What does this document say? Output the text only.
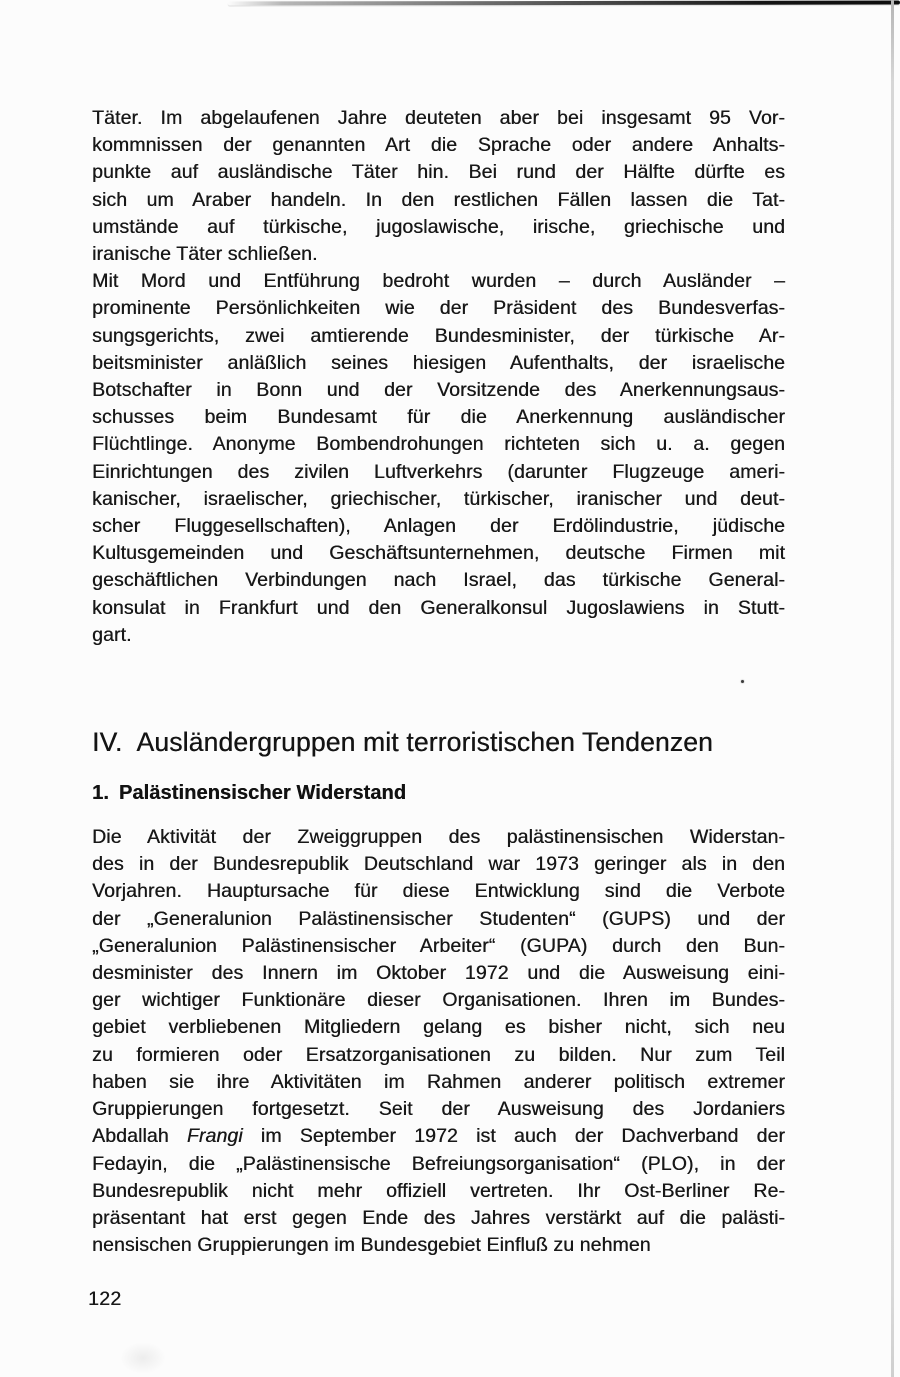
Täter. Im abgelaufenen Jahre deuteten aber bei insgesamt 95 Vor-
kommnissen der genannten Art die Sprache oder andere Anhalts-
punkte auf ausländische Täter hin. Bei rund der Hälfte dürfte es
sich um Araber handeln. In den restlichen Fällen lassen die Tat-
umstände auf türkische, jugoslawische, irische, griechische und
iranische Täter schließen.
Mit Mord und Entführung bedroht wurden – durch Ausländer –
prominente Persönlichkeiten wie der Präsident des Bundesverfas-
sungsgerichts, zwei amtierende Bundesminister, der türkische Ar-
beitsminister anläßlich seines hiesigen Aufenthalts, der israelische
Botschafter in Bonn und der Vorsitzende des Anerkennungsaus-
schusses beim Bundesamt für die Anerkennung ausländischer
Flüchtlinge. Anonyme Bombendrohungen richteten sich u. a. gegen
Einrichtungen des zivilen Luftverkehrs (darunter Flugzeuge ameri-
kanischer, israelischer, griechischer, türkischer, iranischer und deut-
scher Fluggesellschaften), Anlagen der Erdölindustrie, jüdische
Kultusgemeinden und Geschäftsunternehmen, deutsche Firmen mit
geschäftlichen Verbindungen nach Israel, das türkische General-
konsulat in Frankfurt und den Generalkonsul Jugoslawiens in Stutt-
gart.
IV. Ausländergruppen mit terroristischen Tendenzen
1. Palästinensischer Widerstand
Die Aktivität der Zweiggruppen des palästinensischen Widerstan-
des in der Bundesrepublik Deutschland war 1973 geringer als in den
Vorjahren. Hauptursache für diese Entwicklung sind die Verbote
der „Generalunion Palästinensischer Studenten“ (GUPS) und der
„Generalunion Palästinensischer Arbeiter“ (GUPA) durch den Bun-
desminister des Innern im Oktober 1972 und die Ausweisung eini-
ger wichtiger Funktionäre dieser Organisationen. Ihren im Bundes-
gebiet verbliebenen Mitgliedern gelang es bisher nicht, sich neu
zu formieren oder Ersatzorganisationen zu bilden. Nur zum Teil
haben sie ihre Aktivitäten im Rahmen anderer politisch extremer
Gruppierungen fortgesetzt. Seit der Ausweisung des Jordaniers
Abdallah Frangi im September 1972 ist auch der Dachverband der
Fedayin, die „Palästinensische Befreiungsorganisation“ (PLO), in der
Bundesrepublik nicht mehr offiziell vertreten. Ihr Ost-Berliner Re-
präsentant hat erst gegen Ende des Jahres verstärkt auf die palästi-
nensischen Gruppierungen im Bundesgebiet Einfluß zu nehmen
122
